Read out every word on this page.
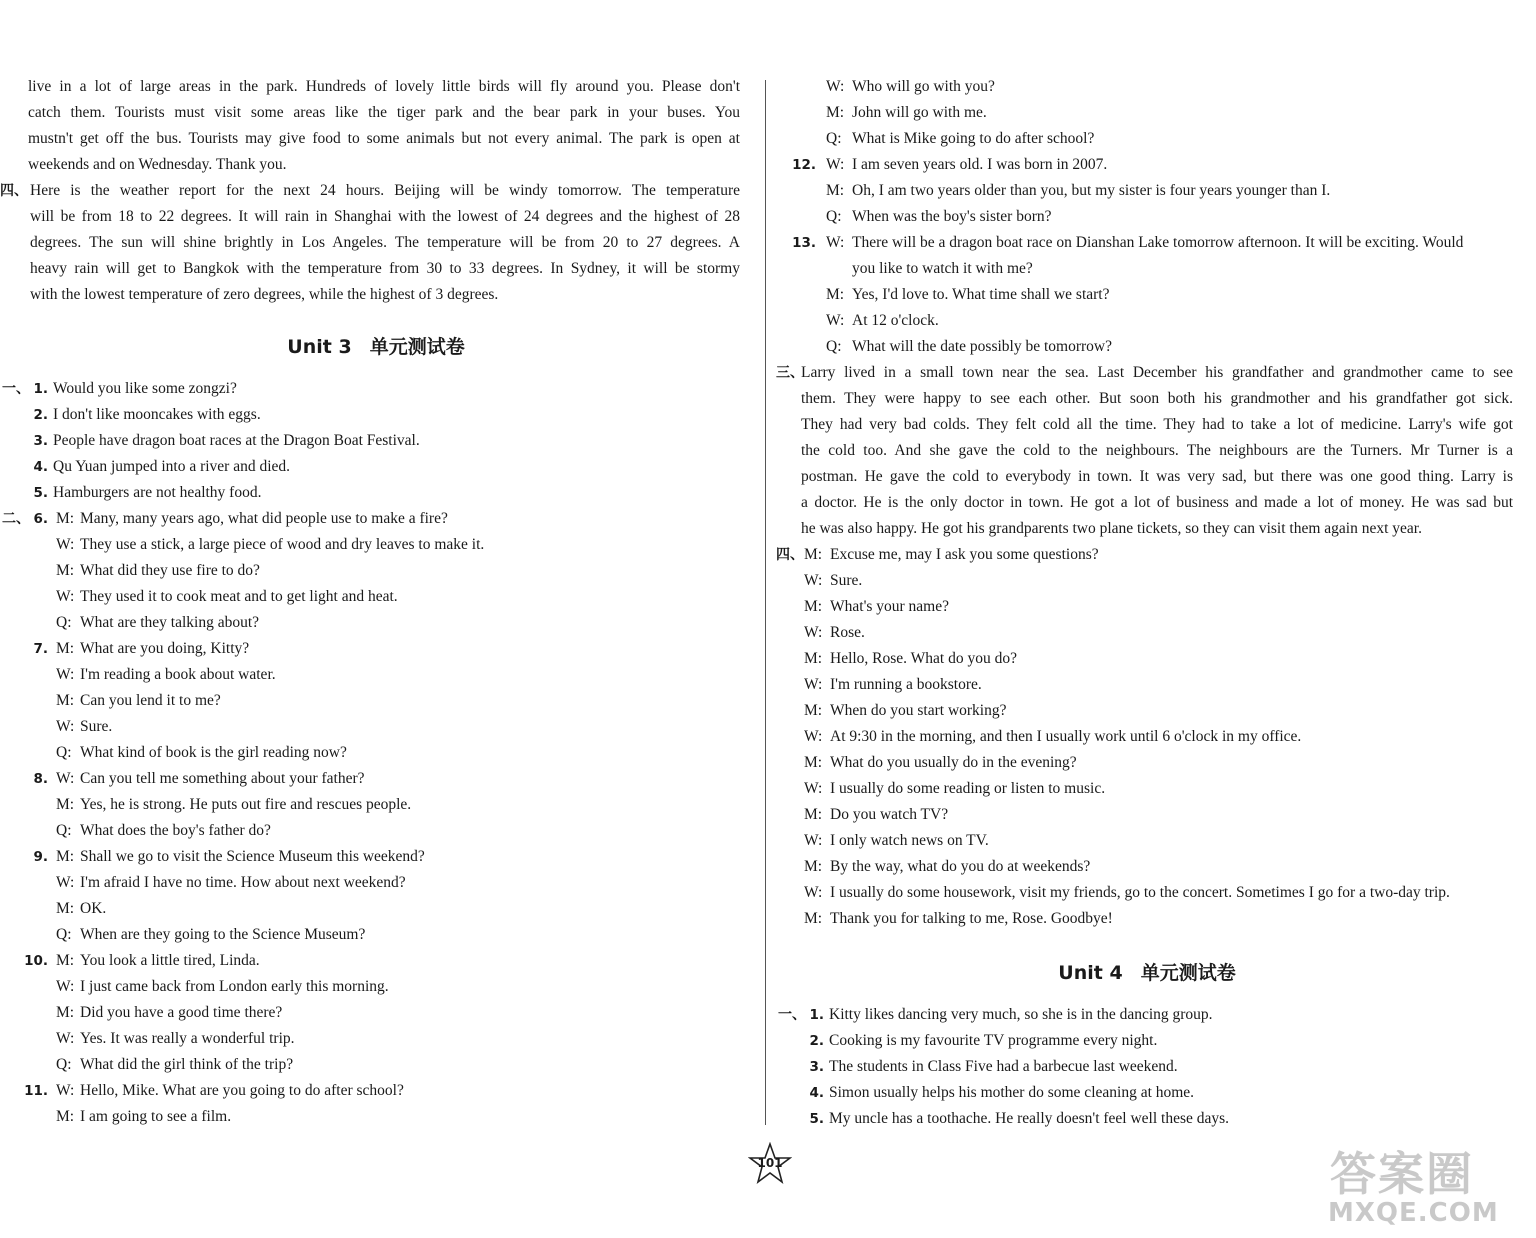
live in a lot of large areas in the park. Hundreds of lovely little birds will fly around you. Please don't
catch them. Tourists must visit some areas like the tiger park and the bear park in your buses. You
mustn't get off the bus. Tourists may give food to some animals but not every animal. The park is open at
weekends and on Wednesday. Thank you.
四、 Here is the weather report for the next 24 hours. Beijing will be windy tomorrow. The temperature
will be from 18 to 22 degrees. It will rain in Shanghai with the lowest of 24 degrees and the highest of 28
degrees. The sun will shine brightly in Los Angeles. The temperature will be from 20 to 27 degrees. A
heavy rain will get to Bangkok with the temperature from 30 to 33 degrees. In Sydney, it will be stormy
with the lowest temperature of zero degrees, while the highest of 3 degrees.
Unit 3 单元测试卷
一、 1. Would you like some zongzi?
2. I don't like mooncakes with eggs.
3. People have dragon boat races at the Dragon Boat Festival.
4. Qu Yuan jumped into a river and died.
5. Hamburgers are not healthy food.
二、 6. M: Many, many years ago, what did people use to make a fire?
W: They use a stick, a large piece of wood and dry leaves to make it.
M: What did they use fire to do?
W: They used it to cook meat and to get light and heat.
Q: What are they talking about?
7. M: What are you doing, Kitty?
W: I'm reading a book about water.
M: Can you lend it to me?
W: Sure.
Q: What kind of book is the girl reading now?
8. W: Can you tell me something about your father?
M: Yes, he is strong. He puts out fire and rescues people.
Q: What does the boy's father do?
9. M: Shall we go to visit the Science Museum this weekend?
W: I'm afraid I have no time. How about next weekend?
M: OK.
Q: When are they going to the Science Museum?
10. M: You look a little tired, Linda.
W: I just came back from London early this morning.
M: Did you have a good time there?
W: Yes. It was really a wonderful trip.
Q: What did the girl think of the trip?
11. W: Hello, Mike. What are you going to do after school?
M: I am going to see a film.
W: Who will go with you?
M: John will go with me.
Q: What is Mike going to do after school?
12. W: I am seven years old. I was born in 2007.
M: Oh, I am two years older than you, but my sister is four years younger than I.
Q: When was the boy's sister born?
13. W: There will be a dragon boat race on Dianshan Lake tomorrow afternoon. It will be exciting. Would
you like to watch it with me?
M: Yes, I'd love to. What time shall we start?
W: At 12 o'clock.
Q: What will the date possibly be tomorrow?
三、
Larry lived in a small town near the sea. Last December his grandfather and grandmother came to see
them. They were happy to see each other. But soon both his grandmother and his grandfather got sick.
They had very bad colds. They felt cold all the time. They had to take a lot of medicine. Larry's wife got
the cold too. And she gave the cold to the neighbours. The neighbours are the Turners. Mr Turner is a
postman. He gave the cold to everybody in town. It was very sad, but there was one good thing. Larry is
a doctor. He is the only doctor in town. He got a lot of business and made a lot of money. He was sad but
he was also happy. He got his grandparents two plane tickets, so they can visit them again next year.
四、 M: Excuse me, may I ask you some questions?
W: Sure.
M: What's your name?
W: Rose.
M: Hello, Rose. What do you do?
W: I'm running a bookstore.
M: When do you start working?
W: At 9:30 in the morning, and then I usually work until 6 o'clock in my office.
M: What do you usually do in the evening?
W: I usually do some reading or listen to music.
M: Do you watch TV?
W: I only watch news on TV.
M: By the way, what do you do at weekends?
W: I usually do some housework, visit my friends, go to the concert. Sometimes I go for a two-day trip.
M: Thank you for talking to me, Rose. Goodbye!
Unit 4 单元测试卷
一、 1. Kitty likes dancing very much, so she is in the dancing group.
2. Cooking is my favourite TV programme every night.
3. The students in Class Five had a barbecue last weekend.
4. Simon usually helps his mother do some cleaning at home.
5. My uncle has a toothache. He really doesn't feel well these days.
101	答案圈
MXQE.COM
